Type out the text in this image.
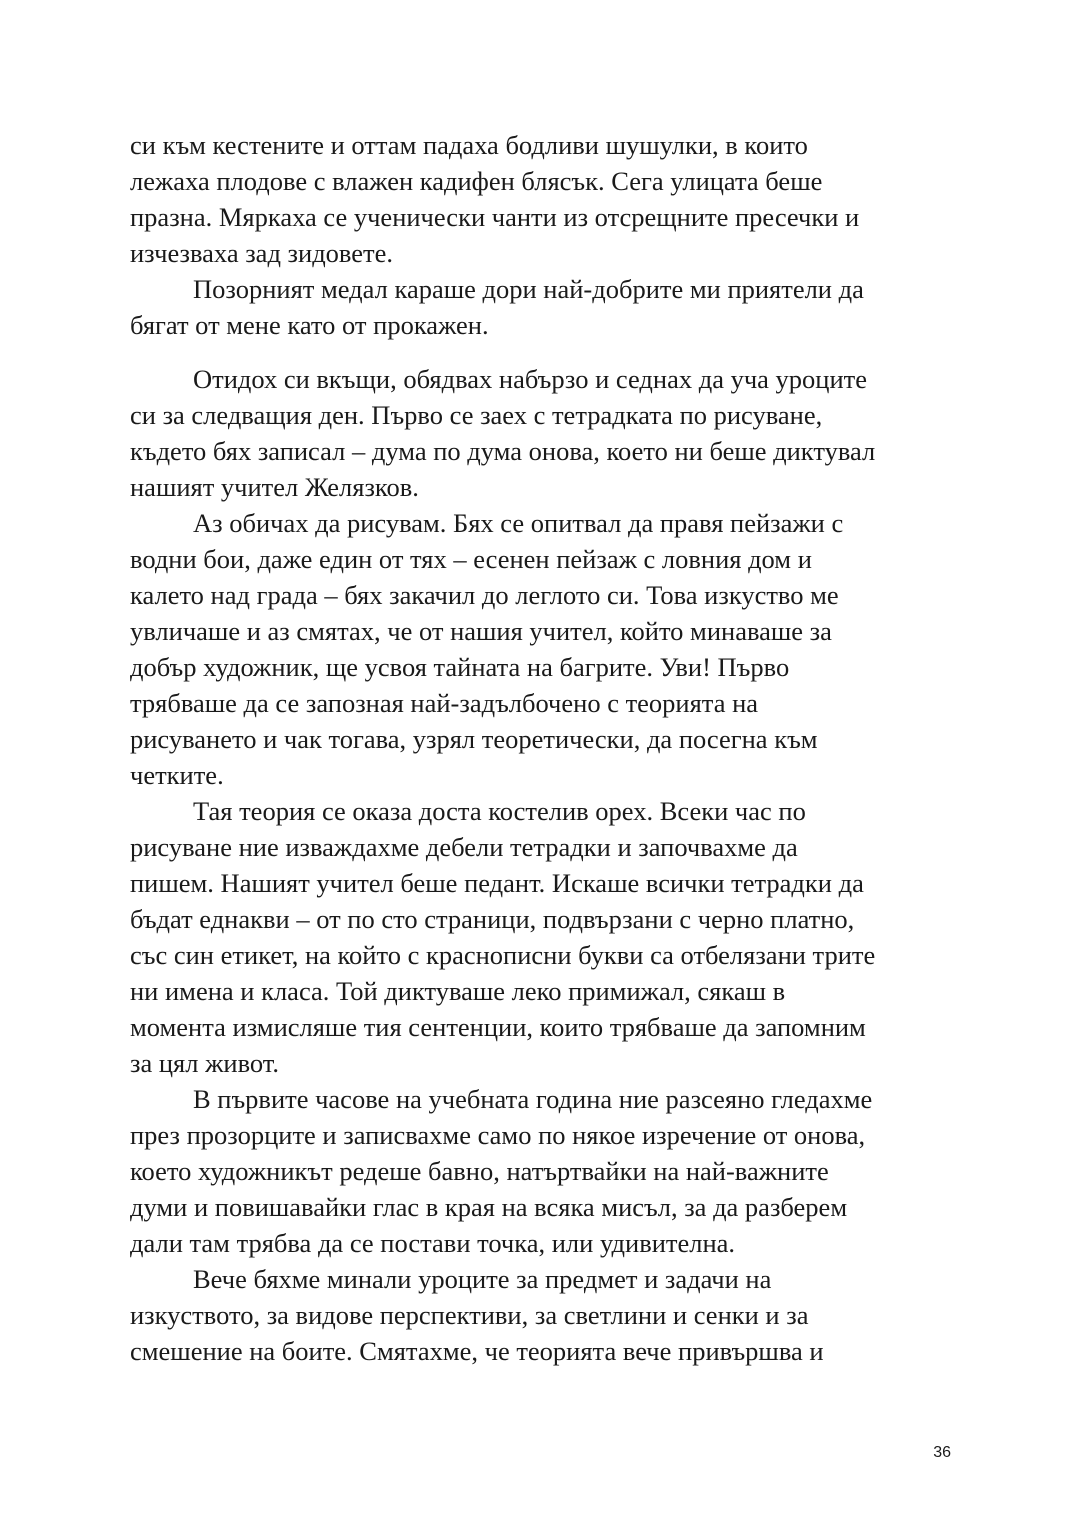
си към кестените и оттам падаха бодливи шушулки, в които
лежаха плодове с влажен кадифен блясък. Сега улицата беше
празна. Мяркаха се ученически чанти из отсрещните пресечки и
изчезваха зад зидовете.
Позорният медал караше дори най-добрите ми приятели да
бягат от мене като от прокажен.
Отидох си вкъщи, обядвах набързо и седнах да уча уроците
си за следващия ден. Първо се заех с тетрадката по рисуване,
където бях записал – дума по дума онова, което ни беше диктувал
нашият учител Желязков.
Аз обичах да рисувам. Бях се опитвал да правя пейзажи с
водни бои, даже един от тях – есенен пейзаж с ловния дом и
калето над града – бях закачил до леглото си. Това изкуство ме
увличаше и аз смятах, че от нашия учител, който минаваше за
добър художник, ще усвоя тайната на багрите. Уви! Първо
трябваше да се запозная най-задълбочено с теорията на
рисуването и чак тогава, узрял теоретически, да посегна към
четките.
Тая теория се оказа доста костелив орех. Всеки час по
рисуване ние изваждахме дебели тетрадки и започвахме да
пишем. Нашият учител беше педант. Искаше всички тетрадки да
бъдат еднакви – от по сто страници, подвързани с черно платно,
със син етикет, на който с краснописни букви са отбелязани трите
ни имена и класа. Той диктуваше леко примижал, сякаш в
момента измисляше тия сентенции, които трябваше да запомним
за цял живот.
В първите часове на учебната година ние разсеяно гледахме
през прозорците и записвахме само по някое изречение от онова,
което художникът редеше бавно, натъртвайки на най-важните
думи и повишавайки глас в края на всяка мисъл, за да разберем
дали там трябва да се постави точка, или удивителна.
Вече бяхме минали уроците за предмет и задачи на
изкуството, за видове перспективи, за светлини и сенки и за
смешение на боите. Смятахме, че теорията вече привършва и
36
